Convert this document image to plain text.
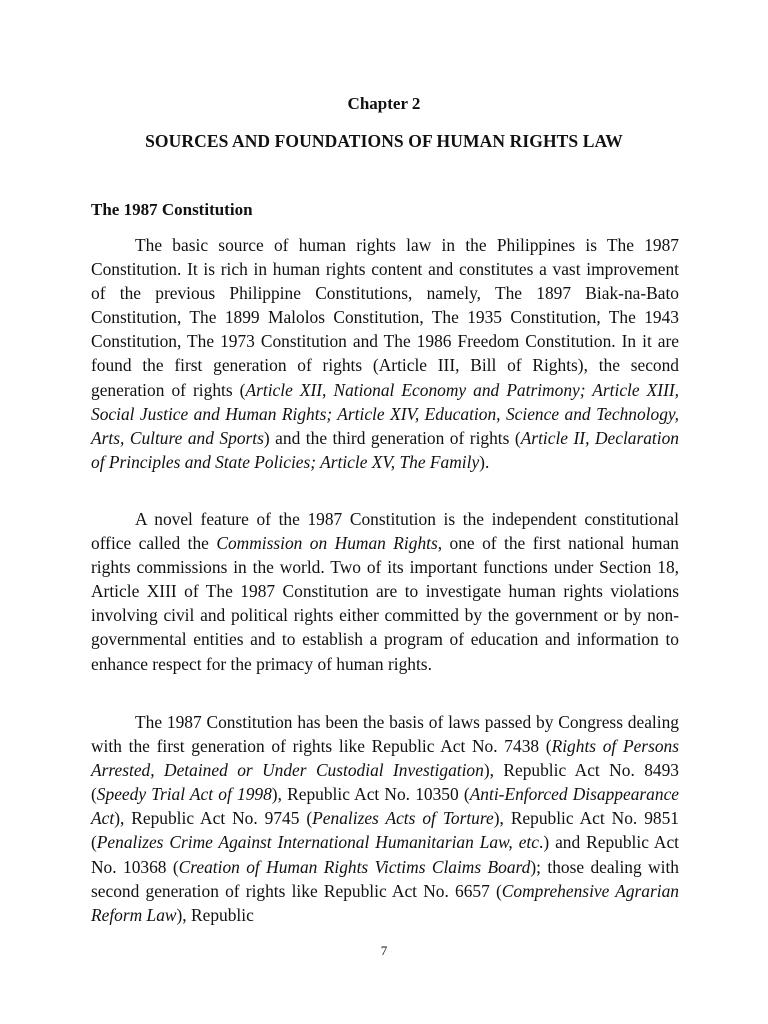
Chapter 2
SOURCES AND FOUNDATIONS OF HUMAN RIGHTS LAW
The 1987 Constitution

The basic source of human rights law in the Philippines is The 1987 Constitution. It is rich in human rights content and constitutes a vast improvement of the previous Philippine Constitutions, namely, The 1897 Biak-na-Bato Constitution, The 1899 Malolos Constitution, The 1935 Constitution, The 1943 Constitution, The 1973 Constitution and The 1986 Freedom Constitution. In it are found the first generation of rights (Article III, Bill of Rights), the second generation of rights (Article XII, National Economy and Patrimony; Article XIII, Social Justice and Human Rights; Article XIV, Education, Science and Technology, Arts, Culture and Sports) and the third generation of rights (Article II, Declaration of Principles and State Policies; Article XV, The Family).

A novel feature of the 1987 Constitution is the independent constitutional office called the Commission on Human Rights, one of the first national human rights commissions in the world. Two of its important functions under Section 18, Article XIII of The 1987 Constitution are to investigate human rights violations involving civil and political rights either committed by the government or by non-governmental entities and to establish a program of education and information to enhance respect for the primacy of human rights.

The 1987 Constitution has been the basis of laws passed by Congress dealing with the first generation of rights like Republic Act No. 7438 (Rights of Persons Arrested, Detained or Under Custodial Investigation), Republic Act No. 8493 (Speedy Trial Act of 1998), Republic Act No. 10350 (Anti-Enforced Disappearance Act), Republic Act No. 9745 (Penalizes Acts of Torture), Republic Act No. 9851 (Penalizes Crime Against International Humanitarian Law, etc.) and Republic Act No. 10368 (Creation of Human Rights Victims Claims Board); those dealing with second generation of rights like Republic Act No. 6657 (Comprehensive Agrarian Reform Law), Republic

7
